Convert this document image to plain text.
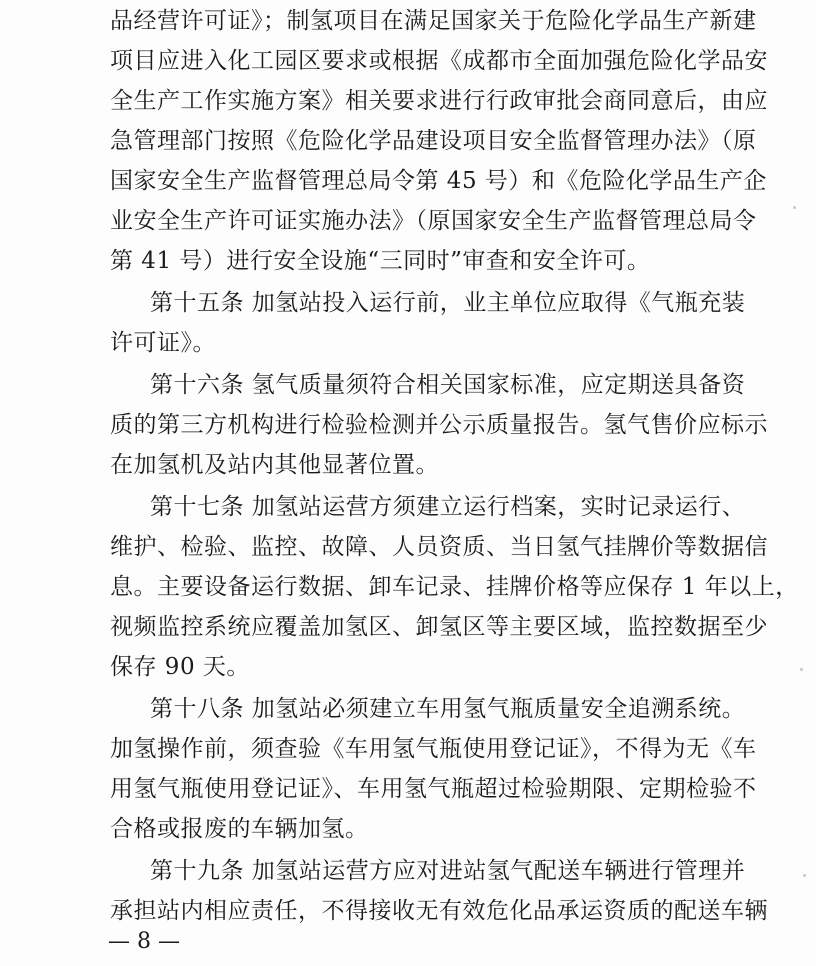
品经营许可证》；制氢项目在满足国家关于危险化学品生产新建
项目应进入化工园区要求或根据《成都市全面加强危险化学品安
全生产工作实施方案》相关要求进行行政审批会商同意后，由应
急管理部门按照《危险化学品建设项目安全监督管理办法》（原
国家安全生产监督管理总局令第 45 号）和《危险化学品生产企
业安全生产许可证实施办法》（原国家安全生产监督管理总局令
第 41 号）进行安全设施“三同时”审查和安全许可。
第十五条 加氢站投入运行前，业主单位应取得《气瓶充装
许可证》。
第十六条 氢气质量须符合相关国家标准，应定期送具备资
质的第三方机构进行检验检测并公示质量报告。氢气售价应标示
在加氢机及站内其他显著位置。
第十七条 加氢站运营方须建立运行档案，实时记录运行、
维护、检验、监控、故障、人员资质、当日氢气挂牌价等数据信
息。主要设备运行数据、卸车记录、挂牌价格等应保存 1 年以上，
视频监控系统应覆盖加氢区、卸氢区等主要区域，监控数据至少
保存 90 天。
第十八条 加氢站必须建立车用氢气瓶质量安全追溯系统。
加氢操作前，须查验《车用氢气瓶使用登记证》，不得为无《车
用氢气瓶使用登记证》、车用氢气瓶超过检验期限、定期检验不
合格或报废的车辆加氢。
第十九条 加氢站运营方应对进站氢气配送车辆进行管理并
承担站内相应责任，不得接收无有效危化品承运资质的配送车辆
— 8 —
